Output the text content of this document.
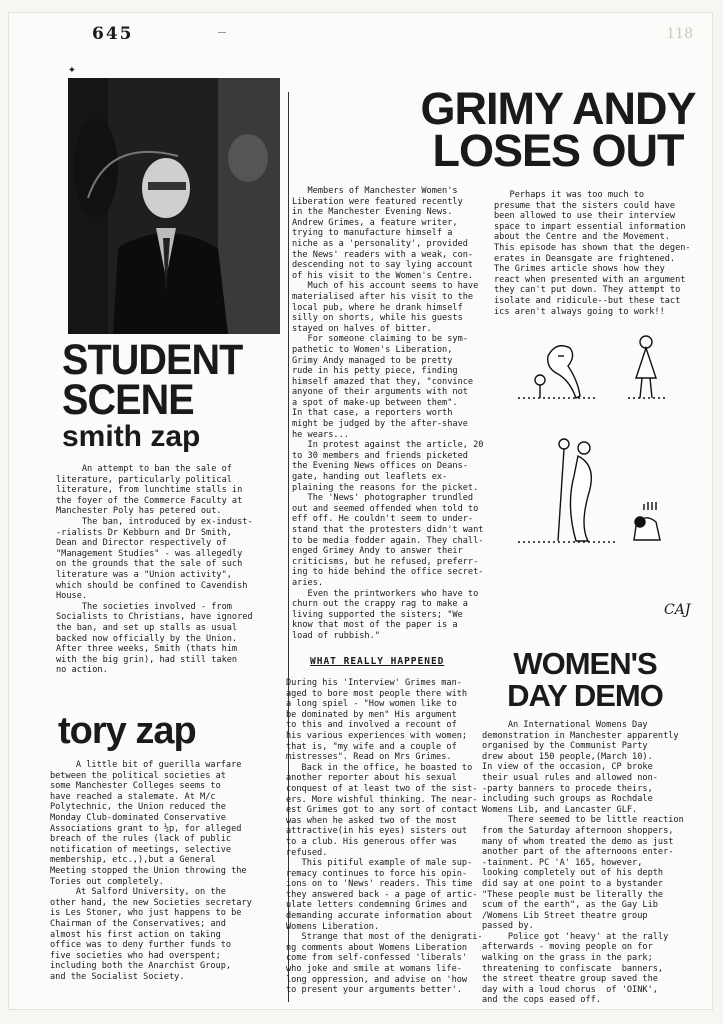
645	118
✦
STUDENT
SCENE
smith zap
An attempt to ban the sale of
literature, particularly political
literature, from lunchtime stalls in
the foyer of the Commerce Faculty at
Manchester Poly has petered out.
The ban, introduced by ex-indust-
-rialists Dr Kebburn and Dr Smith,
Dean and Director respectively of
"Management Studies" - was allegedly
on the grounds that the sale of such
literature was a "Union activity",
which should be confined to Cavendish
House.
The societies involved - from
Socialists to Christians, have ignored
the ban, and set up stalls as usual
backed now officially by the Union.
After three weeks, Smith (thats him
with the big grin), had still taken
no action.
tory zap
A little bit of guerilla warfare
between the political societies at
some Manchester Colleges seems to
have reached a stalemate. At M/c
Polytechnic, the Union reduced the
Monday Club-dominated Conservative
Associations grant to ½p, for alleged
breach of the rules (lack of public
notification of meetings, selective
membership, etc.,),but a General
Meeting stopped the Union throwing the
Tories out completely.
At Salford University, on the
other hand, the new Societies secretary
is Les Stoner, who just happens to be
Chairman of the Conservatives; and
almost his first action on taking
office was to deny further funds to
five societies who had overspent;
including both the Anarchist Group,
and the Socialist Society.
GRIMY ANDY
LOSES OUT
Members of Manchester Women's
Liberation were featured recently
in the Manchester Evening News.
Andrew Grimes, a feature writer,
trying to manufacture himself a
niche as a 'personality', provided
the News' readers with a weak, con-
descending not to say lying account
of his visit to the Women's Centre.
Much of his account seems to have
materialised after his visit to the
local pub, where he drank himself
silly on shorts, while his guests
stayed on halves of bitter.
For someone claiming to be sym-
pathetic to Women's Liberation,
Grimy Andy managed to be pretty
rude in his petty piece, finding
himself amazed that they, "convince
anyone of their arguments with not
a spot of make-up between them".
In that case, a reporters worth
might be judged by the after-shave
he wears...
In protest against the article, 20
to 30 members and friends picketed
the Evening News offices on Deans-
gate, handing out leaflets ex-
plaining the reasons for the picket.
The 'News' photographer trundled
out and seemed offended when told to
eff off. He couldn't seem to under-
stand that the protesters didn't want
to be media fodder again. They chall-
enged Grimey Andy to answer their
criticisms, but he refused, preferr-
ing to hide behind the office secret-
aries.
Even the printworkers who have to
churn out the crappy rag to make a
living supported the sisters; "We
know that most of the paper is a
load of rubbish."
WHAT REALLY HAPPENED
During his 'Interview' Grimes man-
aged to bore most people there with
a long spiel - "How women like to
be dominated by men" His argument
to this and involved a recount of
his various experiences with women;
that is, "my wife and a couple of
mistresses". Read on Mrs Grimes.
Back in the office, he boasted to
another reporter about his sexual
conquest of at least two of the sist-
ers. More wishful thinking. The near-
est Grimes got to any sort of contact
was when he asked two of the most
attractive(in his eyes) sisters out
to a club. His generous offer was
refused.
This pitiful example of male sup-
remacy continues to force his opin-
ions on to 'News' readers. This time
they answered back - a page of artic-
ulate letters condemning Grimes and
demanding accurate information about
Womens Liberation.
Strange that most of the denigrati-
ng comments about Womens Liberation
come from self-confessed 'liberals'
who joke and smile at womans life-
long oppression, and advise on 'how
to present your arguments better'.
Perhaps it was too much to
presume that the sisters could have
been allowed to use their interview
space to impart essential information
about the Centre and the Movement.
This episode has shown that the degen-
erates in Deansgate are frightened.
The Grimes article shows how they
react when presented with an argument
they can't put down. They attempt to
isolate and ridicule--but these tact
ics aren't always going to work!!
CAJ
WOMEN'S
DAY DEMO
An International Womens Day
demonstration in Manchester apparently
organised by the Communist Party
drew about 150 people,(March 10).
In view of the occasion, CP broke
their usual rules and allowed non-
-party banners to procede theirs,
including such groups as Rochdale
Womens Lib, and Lancaster GLF.
There seemed to be little reaction
from the Saturday afternoon shoppers,
many of whom treated the demo as just
another part of the afternoons enter-
-tainment. PC 'A' 165, however,
looking completely out of his depth
did say at one point to a bystander
"These people must be literally the
scum of the earth", as the Gay Lib
/Womens Lib Street theatre group
passed by.
Police got 'heavy' at the rally
afterwards - moving people on for
walking on the grass in the park;
threatening to confiscate  banners,
the street theatre group saved the
day with a loud chorus  of 'OINK',
and the cops eased off.
